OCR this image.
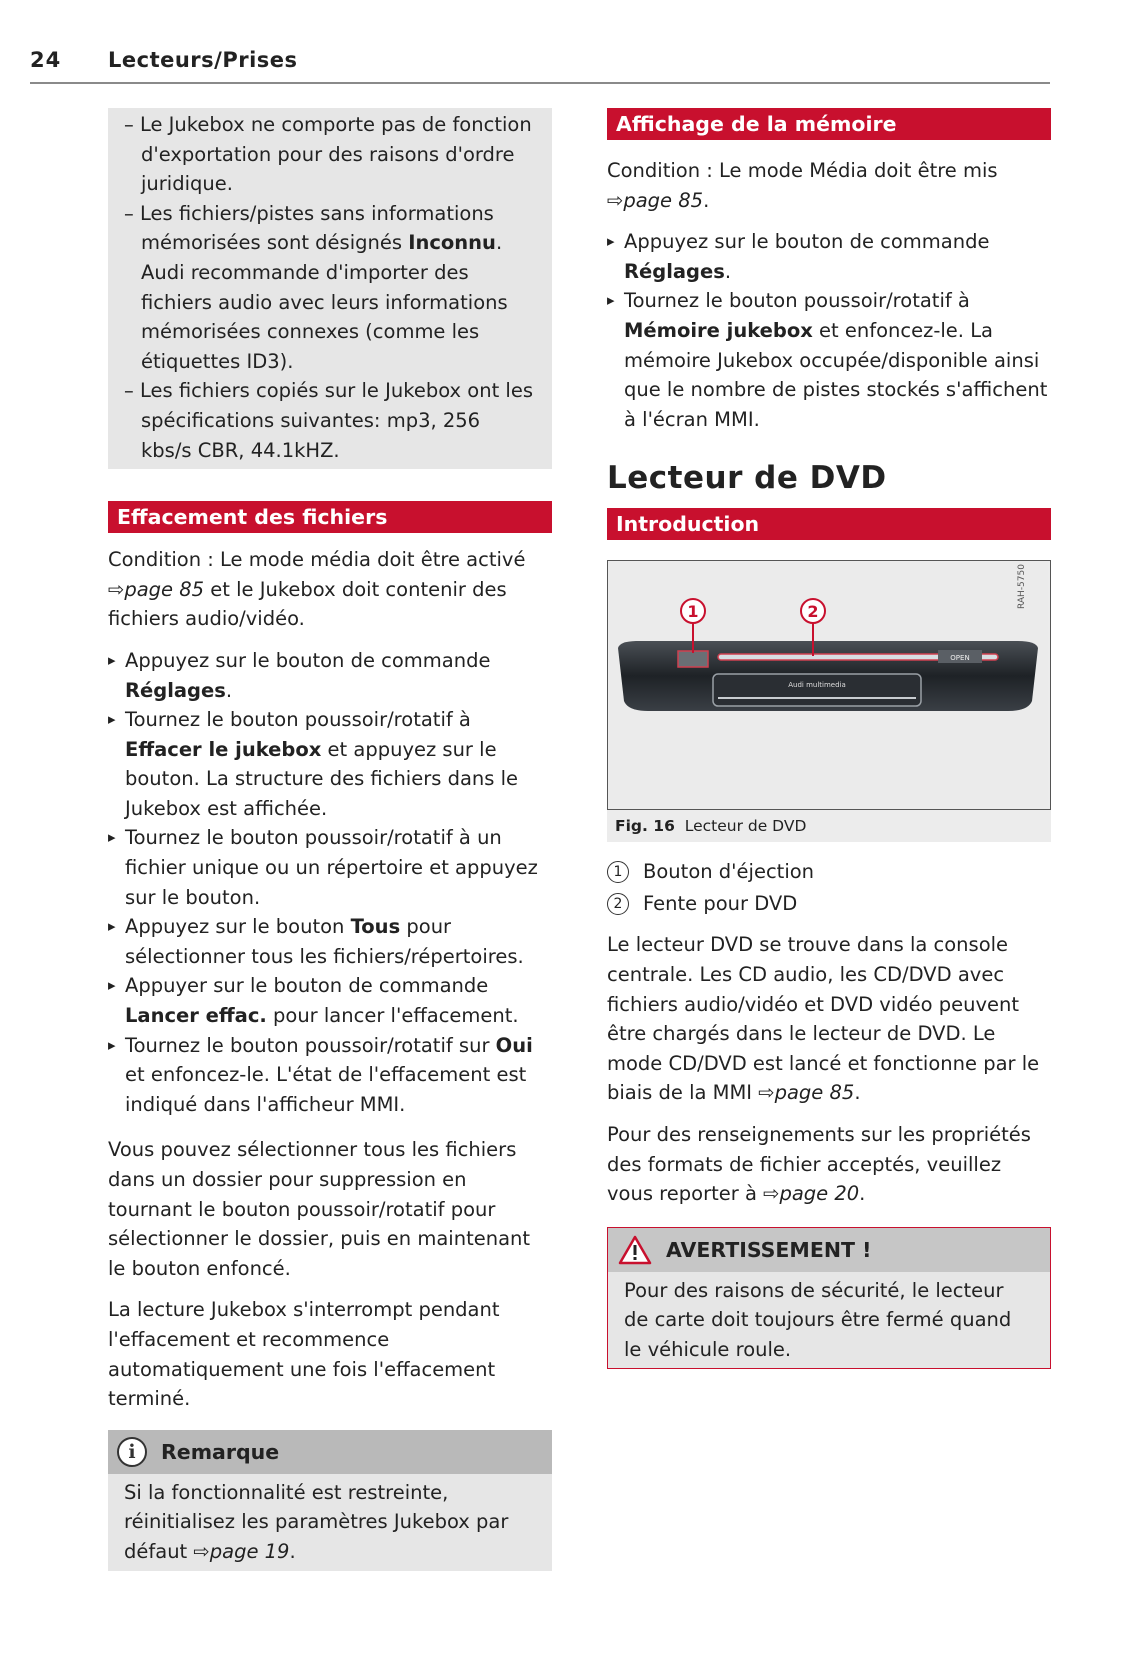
24 Lecteurs/Prises

– Le Jukebox ne comporte pas de fonction d'exportation pour des raisons d'ordre juridique.

– Les fichiers/pistes sans informations mémorisées sont désignés Inconnu. Audi recommande d'importer des fichiers audio avec leurs informations mémorisées connexes (comme les étiquettes ID3).

– Les fichiers copiés sur le Jukebox ont les spécifications suivantes: mp3, 256 kbs/s CBR, 44.1kHZ.

Effacement des fichiers

Condition : Le mode média doit être activé ⇨page 85 et le Jukebox doit contenir des fichiers audio/vidéo.

▸ Appuyez sur le bouton de commande Réglages.
▸ Tournez le bouton poussoir/rotatif à Effacer le jukebox et appuyez sur le bouton. La structure des fichiers dans le Jukebox est affichée.
▸ Tournez le bouton poussoir/rotatif à un fichier unique ou un répertoire et appuyez sur le bouton.
▸ Appuyez sur le bouton Tous pour sélectionner tous les fichiers/répertoires.
▸ Appuyer sur le bouton de commande Lancer effac. pour lancer l'effacement.
▸ Tournez le bouton poussoir/rotatif sur Oui et enfoncez-le. L'état de l'effacement est indiqué dans l'afficheur MMI.

Vous pouvez sélectionner tous les fichiers dans un dossier pour suppression en tournant le bouton poussoir/rotatif pour sélectionner le dossier, puis en maintenant le bouton enfoncé.

La lecture Jukebox s'interrompt pendant l'effacement et recommence automatiquement une fois l'effacement terminé.

i	Remarque

Si la fonctionnalité est restreinte, réinitialisez les paramètres Jukebox par défaut ⇨page 19.

Affichage de la mémoire

Condition : Le mode Média doit être mis ⇨page 85.

▸ Appuyez sur le bouton de commande Réglages.
▸ Tournez le bouton poussoir/rotatif à Mémoire jukebox et enfoncez-le. La mémoire Jukebox occupée/disponible ainsi que le nombre de pistes stockés s'affichent à l'écran MMI.
Lecteur de DVD
Introduction
OPEN
Audi multimedia
1	2
RAH-5750
Fig. 16 Lecteur de DVD
1	Bouton d'éjection
2	Fente pour DVD

Le lecteur DVD se trouve dans la console centrale. Les CD audio, les CD/DVD avec fichiers audio/vidéo et DVD vidéo peuvent être chargés dans le lecteur de DVD. Le mode CD/DVD est lancé et fonctionne par le biais de la MMI ⇨page 85.

Pour des renseignements sur les propriétés des formats de fichier acceptés, veuillez vous reporter à ⇨page 20.

AVERTISSEMENT !

Pour des raisons de sécurité, le lecteur de carte doit toujours être fermé quand le véhicule roule.
